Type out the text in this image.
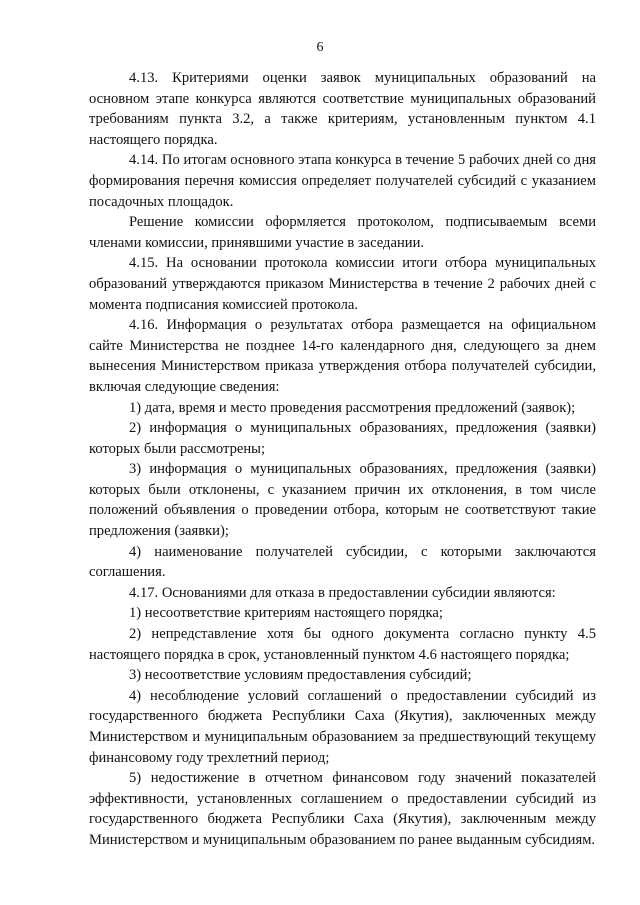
6

4.13. Критериями оценки заявок муниципальных образований на основном этапе конкурса являются соответствие муниципальных образований требованиям пункта 3.2, а также критериям, установленным пунктом 4.1 настоящего порядка.

4.14. По итогам основного этапа конкурса в течение 5 рабочих дней со дня формирования перечня комиссия определяет получателей субсидий с указанием посадочных площадок.

Решение комиссии оформляется протоколом, подписываемым всеми членами комиссии, принявшими участие в заседании.

4.15. На основании протокола комиссии итоги отбора муниципальных образований утверждаются приказом Министерства в течение 2 рабочих дней с момента подписания комиссией протокола.

4.16. Информация о результатах отбора размещается на официальном сайте Министерства не позднее 14-го календарного дня, следующего за днем вынесения Министерством приказа утверждения отбора получателей субсидии, включая следующие сведения:

1) дата, время и место проведения рассмотрения предложений (заявок);

2) информация о муниципальных образованиях, предложения (заявки) которых были рассмотрены;

3) информация о муниципальных образованиях, предложения (заявки) которых были отклонены, с указанием причин их отклонения, в том числе положений объявления о проведении отбора, которым не соответствуют такие предложения (заявки);

4) наименование получателей субсидии, с которыми заключаются соглашения.

4.17. Основаниями для отказа в предоставлении субсидии являются:

1) несоответствие критериям настоящего порядка;

2) непредставление хотя бы одного документа согласно пункту 4.5 настоящего порядка в срок, установленный пунктом 4.6 настоящего порядка;

3) несоответствие условиям предоставления субсидий;

4) несоблюдение условий соглашений о предоставлении субсидий из государственного бюджета Республики Саха (Якутия), заключенных между Министерством и муниципальным образованием за предшествующий текущему финансовому году трехлетний период;

5) недостижение в отчетном финансовом году значений показателей эффективности, установленных соглашением о предоставлении субсидий из государственного бюджета Республики Саха (Якутия), заключенным между Министерством и муниципальным образованием по ранее выданным субсидиям.
